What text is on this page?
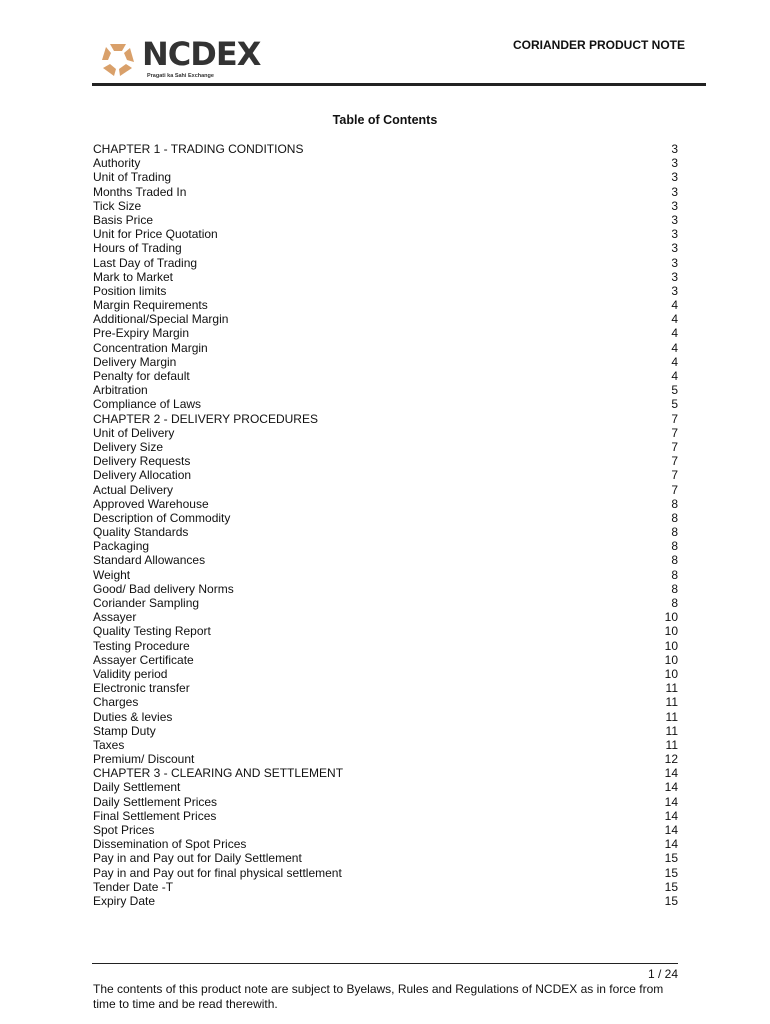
NCDEX
Pragati ka Sahi Exchange
CORIANDER PRODUCT NOTE
Table of Contents
CHAPTER 1 - TRADING CONDITIONS	3
Authority	3
Unit of Trading	3
Months Traded In	3
Tick Size	3
Basis Price	3
Unit for Price Quotation	3
Hours of Trading	3
Last Day of Trading	3
Mark to Market	3
Position limits	3
Margin Requirements	4
Additional/Special Margin	4
Pre-Expiry Margin	4
Concentration Margin	4
Delivery Margin	4
Penalty for default	4
Arbitration	5
Compliance of Laws	5
CHAPTER 2 - DELIVERY PROCEDURES	7
Unit of Delivery	7
Delivery Size	7
Delivery Requests	7
Delivery Allocation	7
Actual Delivery	7
Approved Warehouse	8
Description of Commodity	8
Quality Standards	8
Packaging	8
Standard Allowances	8
Weight	8
Good/ Bad delivery Norms	8
Coriander Sampling	8
Assayer	10
Quality Testing Report	10
Testing Procedure	10
Assayer Certificate	10
Validity period	10
Electronic transfer	11
Charges	11
Duties & levies	11
Stamp Duty	11
Taxes	11
Premium/ Discount	12
CHAPTER 3 - CLEARING AND SETTLEMENT	14
Daily Settlement	14
Daily Settlement Prices	14
Final Settlement Prices	14
Spot Prices	14
Dissemination of Spot Prices	14
Pay in and Pay out for Daily Settlement	15
Pay in and Pay out for final physical settlement	15
Tender Date -T	15
Expiry Date	15
1 / 24
The contents of this product note are subject to Byelaws, Rules and Regulations of NCDEX as in force from time to time and be read therewith.
